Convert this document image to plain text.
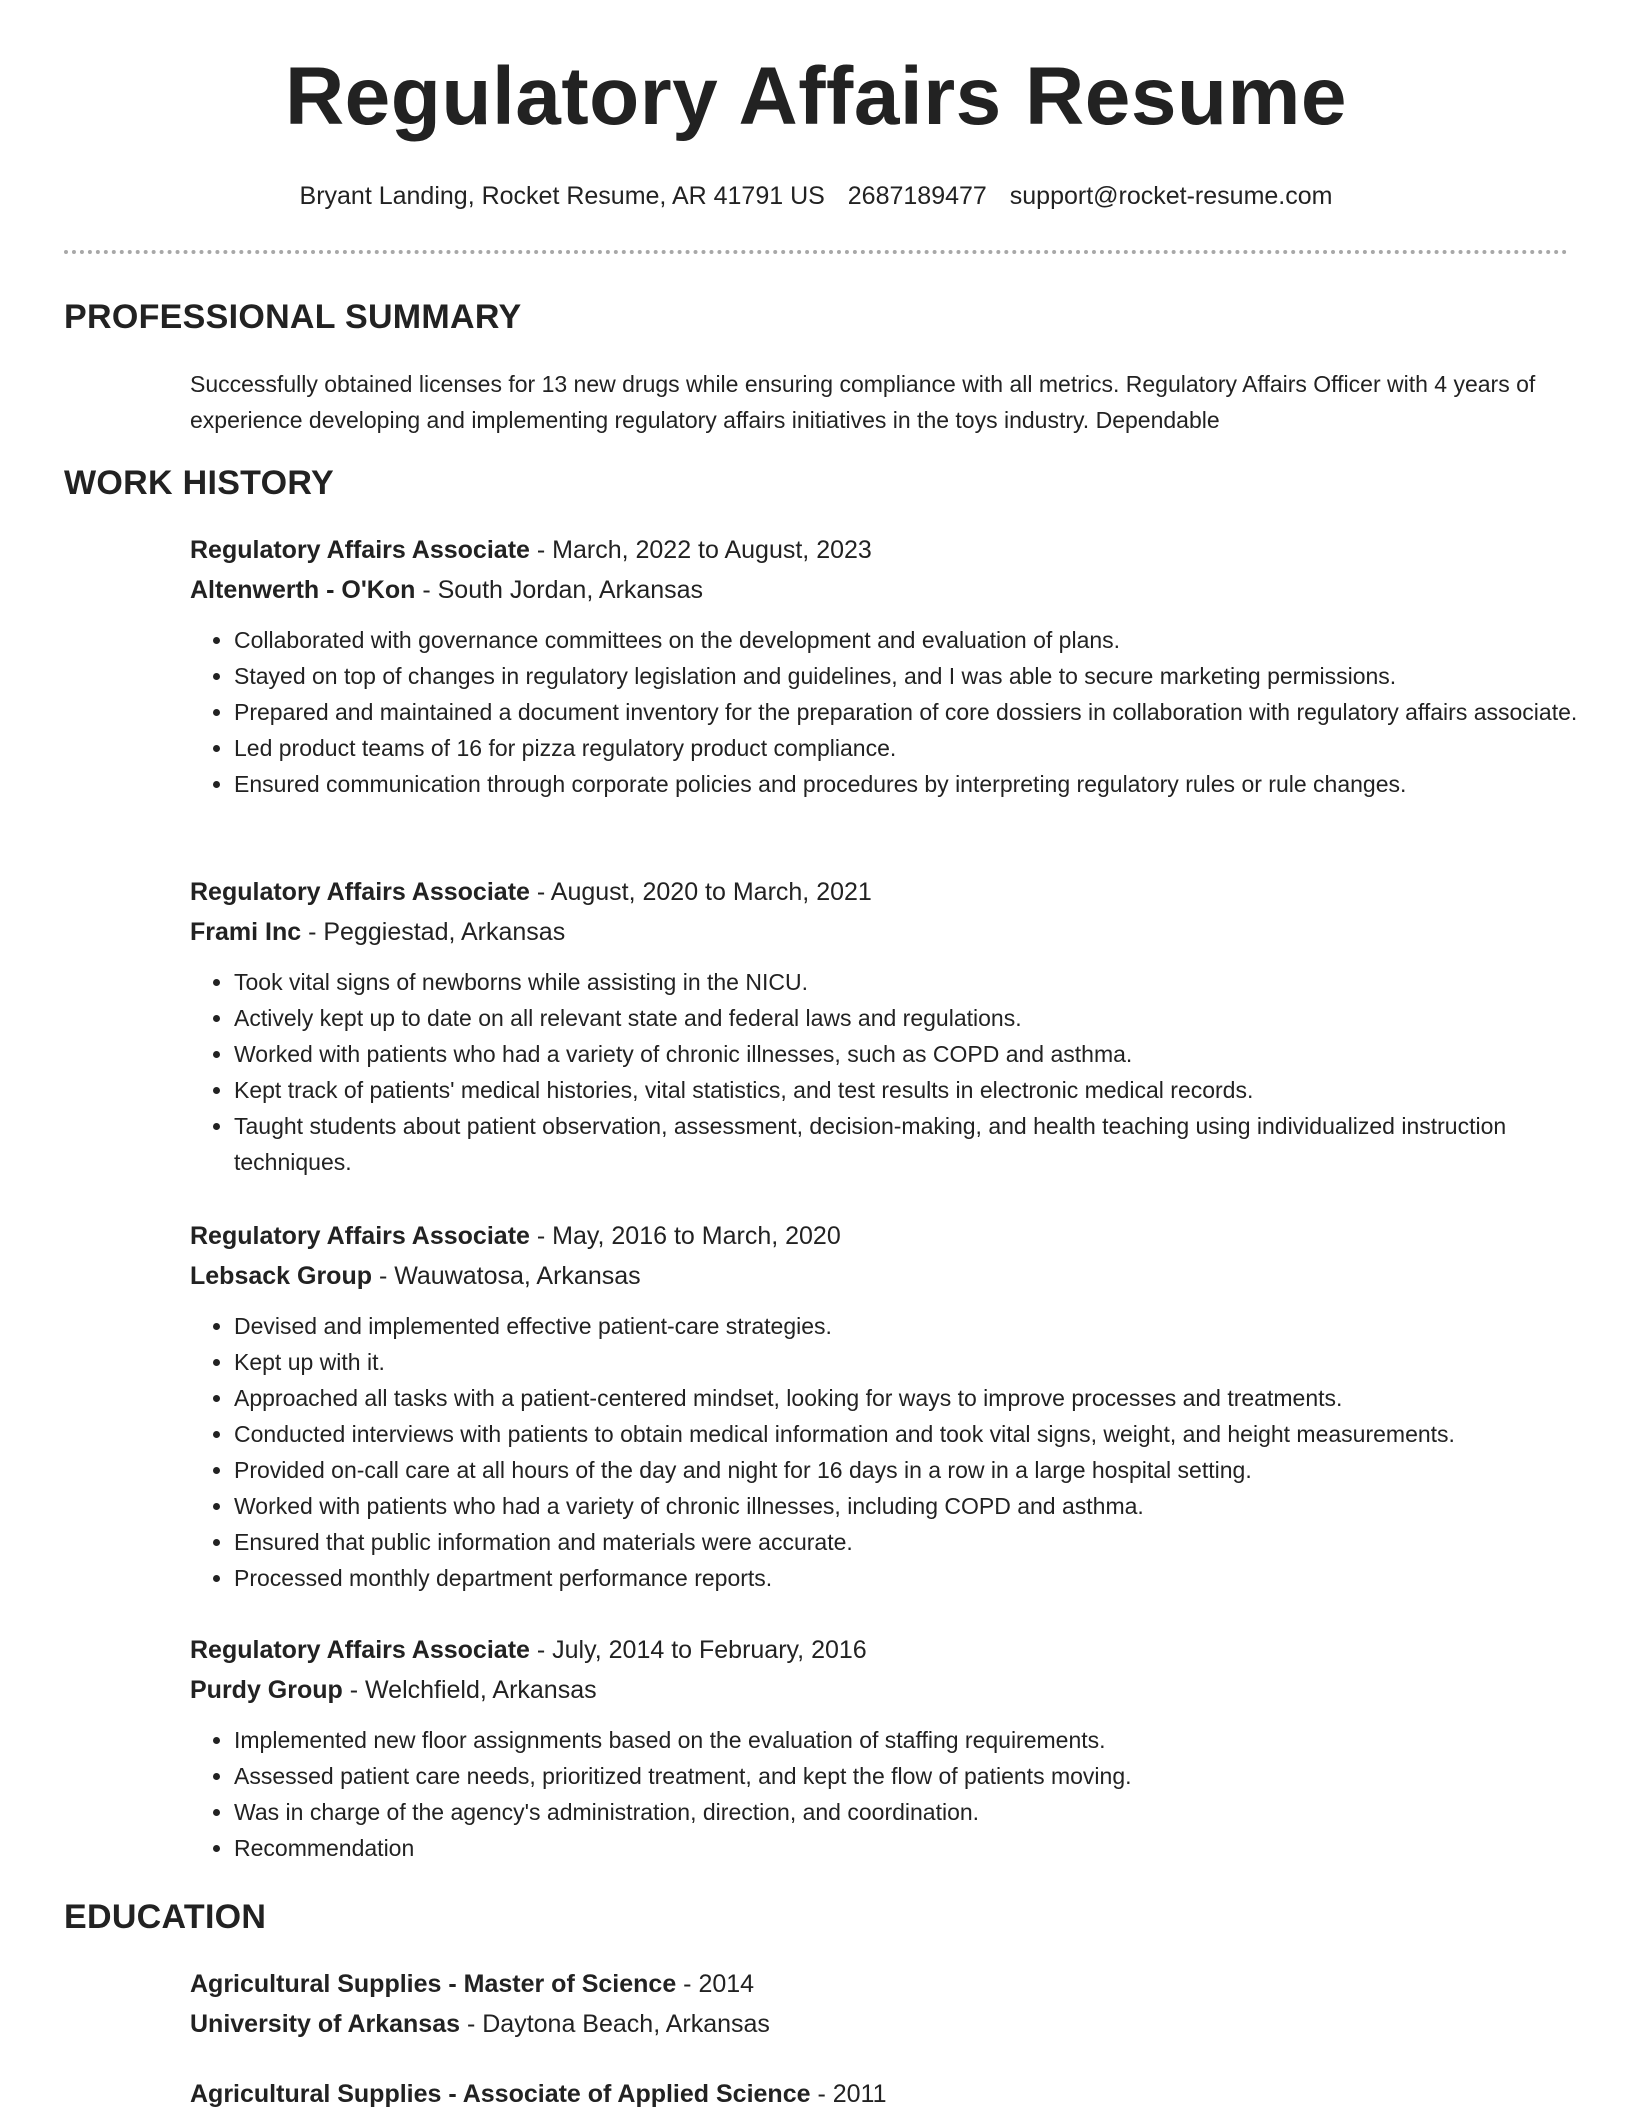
Regulatory Affairs Resume
Bryant Landing, Rocket Resume, AR 41791 US 2687189477 support@rocket-resume.com
PROFESSIONAL SUMMARY
Successfully obtained licenses for 13 new drugs while ensuring compliance with all metrics. Regulatory Affairs Officer with 4 years of experience developing and implementing regulatory affairs initiatives in the toys industry. Dependable
WORK HISTORY
Regulatory Affairs Associate - March, 2022 to August, 2023
Altenwerth - O'Kon - South Jordan, Arkansas
• Collaborated with governance committees on the development and evaluation of plans.
• Stayed on top of changes in regulatory legislation and guidelines, and I was able to secure marketing permissions.
• Prepared and maintained a document inventory for the preparation of core dossiers in collaboration with regulatory affairs associate.
• Led product teams of 16 for pizza regulatory product compliance.
• Ensured communication through corporate policies and procedures by interpreting regulatory rules or rule changes.
Regulatory Affairs Associate - August, 2020 to March, 2021
Frami Inc - Peggiestad, Arkansas
• Took vital signs of newborns while assisting in the NICU.
• Actively kept up to date on all relevant state and federal laws and regulations.
• Worked with patients who had a variety of chronic illnesses, such as COPD and asthma.
• Kept track of patients' medical histories, vital statistics, and test results in electronic medical records.
• Taught students about patient observation, assessment, decision-making, and health teaching using individualized instruction techniques.
Regulatory Affairs Associate - May, 2016 to March, 2020
Lebsack Group - Wauwatosa, Arkansas
• Devised and implemented effective patient-care strategies.
• Kept up with it.
• Approached all tasks with a patient-centered mindset, looking for ways to improve processes and treatments.
• Conducted interviews with patients to obtain medical information and took vital signs, weight, and height measurements.
• Provided on-call care at all hours of the day and night for 16 days in a row in a large hospital setting.
• Worked with patients who had a variety of chronic illnesses, including COPD and asthma.
• Ensured that public information and materials were accurate.
• Processed monthly department performance reports.
Regulatory Affairs Associate - July, 2014 to February, 2016
Purdy Group - Welchfield, Arkansas
• Implemented new floor assignments based on the evaluation of staffing requirements.
• Assessed patient care needs, prioritized treatment, and kept the flow of patients moving.
• Was in charge of the agency's administration, direction, and coordination.
• Recommendation
EDUCATION
Agricultural Supplies - Master of Science - 2014
University of Arkansas - Daytona Beach, Arkansas
Agricultural Supplies - Associate of Applied Science - 2011
